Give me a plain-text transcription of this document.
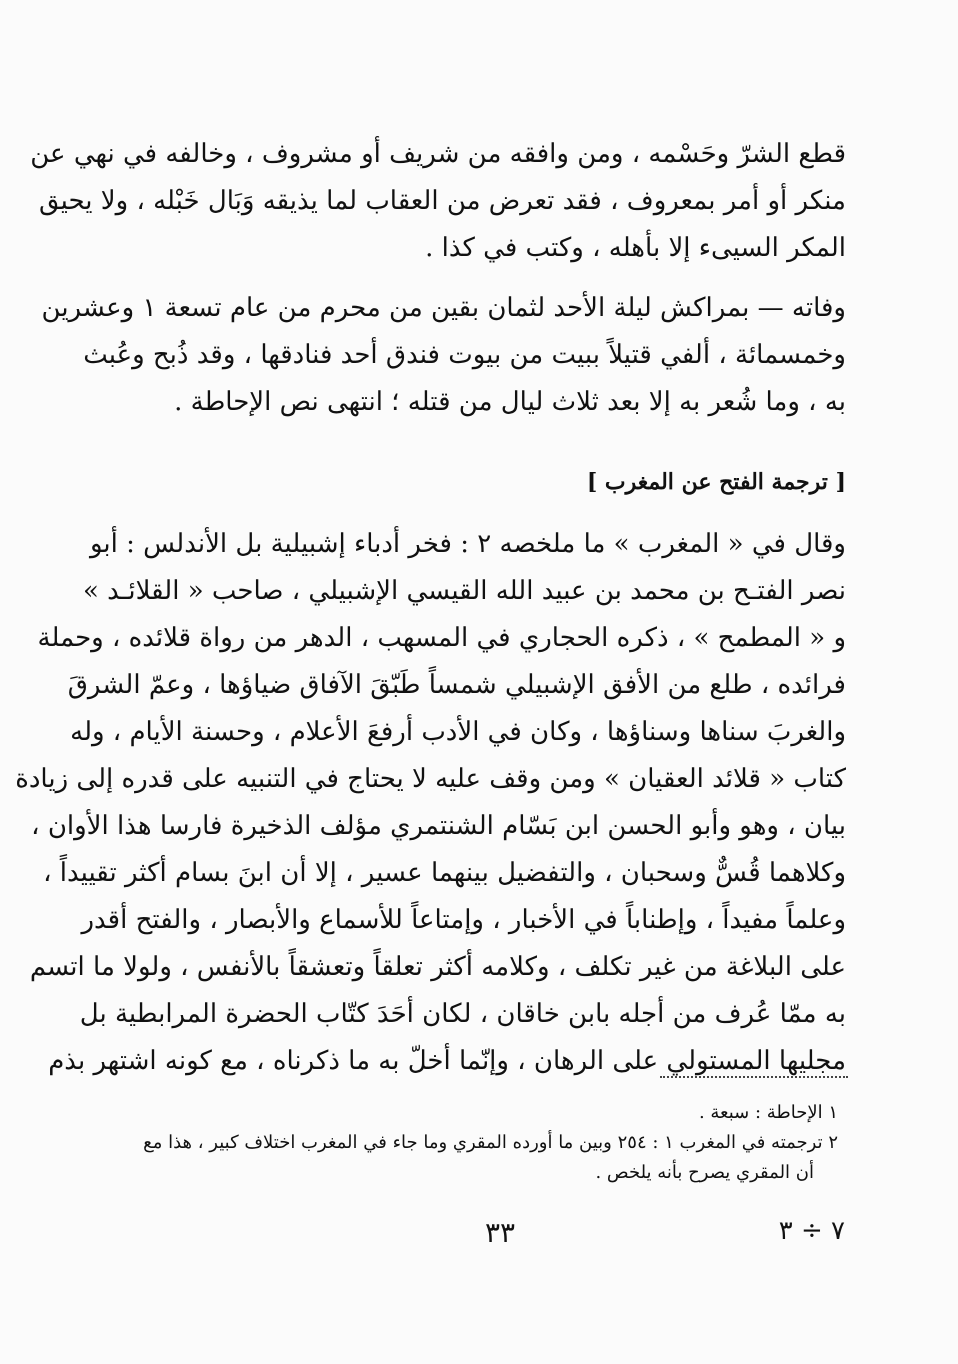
قطع الشرّ وحَسْمه ، ومن وافقه من شريف أو مشروف ، وخالفه في نهي عن
منكر أو أمر بمعروف ، فقد تعرض من العقاب لما يذيقه وَبَال خَبْله ، ولا يحيق
المكر السيىء إلا بأهله ، وكتب في كذا .
وفاته — بمراكش ليلة الأحد لثمان بقين من محرم من عام تسعة ١ وعشرين
وخمسمائة ، ألفي قتيلاً ببيت من بيوت فندق أحد فنادقها ، وقد ذُبح وعُبث
به ، وما شُعر به إلا بعد ثلاث ليال من قتله ؛ انتهى نص الإحاطة .
[ ترجمة الفتح عن المغرب ]
وقال في « المغرب » ما ملخصه ٢ : فخر أدباء إشبيلية بل الأندلس : أبو
نصر الفتـح بن محمد بن عبيد الله القيسي الإشبيلي ، صاحب « القلائـد »
و « المطمح » ، ذكره الحجاري في المسهب ، الدهر من رواة قلائده ، وحملة
فرائده ، طلع من الأفق الإشبيلي شمساً طَبّقَ الآفاق ضياؤها ، وعمّ الشرقَ
والغربَ سناها وسناؤها ، وكان في الأدب أرفعَ الأعلام ، وحسنة الأيام ، وله
كتاب « قلائد العقيان » ومن وقف عليه لا يحتاج في التنبيه على قدره إلى زيادة
بيان ، وهو وأبو الحسن ابن بَسّام الشنتمري مؤلف الذخيرة فارسا هذا الأوان ،
وكلاهما قُسٌّ وسحبان ، والتفضيل بينهما عسير ، إلا أن ابنَ بسام أكثر تقييداً ،
وعلماً مفيداً ، وإطناباً في الأخبار ، وإمتاعاً للأسماع والأبصار ، والفتح أقدر
على البلاغة من غير تكلف ، وكلامه أكثر تعلقاً وتعشقاً بالأنفس ، ولولا ما اتسم
به ممّا عُرف من أجله بابن خاقان ، لكان أحَدَ كتّاب الحضرة المرابطية بل
مجليها المستولي على الرهان ، وإنّما أخلّ به ما ذكرناه ، مع كونه اشتهر بذم
١ الإحاطة : سبعة .
٢ ترجمته في المغرب ١ : ٢٥٤ وبين ما أورده المقري وما جاء في المغرب اختلاف كبير ، هذا مع
أن المقري يصرح بأنه يلخص .
٣٣	٧ ÷ ٣
